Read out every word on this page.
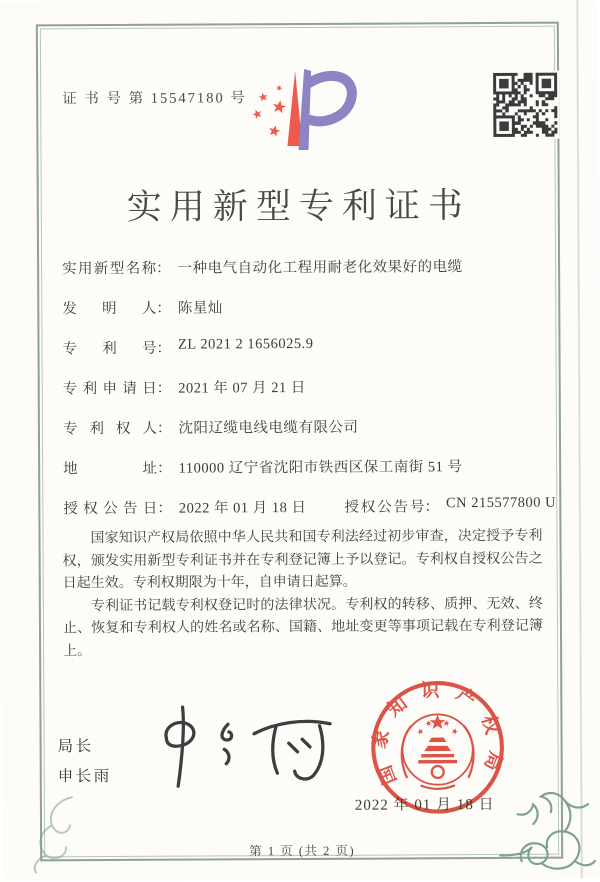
证 书 号 第 15547180 号
实用新型专利证书
实用新型名称 ： 一种电气自动化工程用耐老化效果好的电缆
发明人 ： 陈星灿
专利号 ： ZL 2021 2 1656025.9
专利申请日 ： 2021 年 07 月 21 日
专利权人 ： 沈阳辽缆电线电缆有限公司
地址 ： 110000 辽宁省沈阳市铁西区保工南街 51 号
授权公告日 ： 2022 年 01 月 18 日	授权公告号 ： CN 215577800 U

国家知识产权局依照中华人民共和国专利法经过初步审查，决定授予专利权，颁发实用新型专利证书并在专利登记簿上予以登记。专利权自授权公告之日起生效。专利权期限为十年，自申请日起算。

专利证书记载专利权登记时的法律状况。专利权的转移、质押、无效、终止、恢复和专利权人的姓名或名称、国籍、地址变更等事项记载在专利登记簿上。

局长
申长雨	国家知识产权局
2022 年 01 月 18 日
第 1 页 (共 2 页)
